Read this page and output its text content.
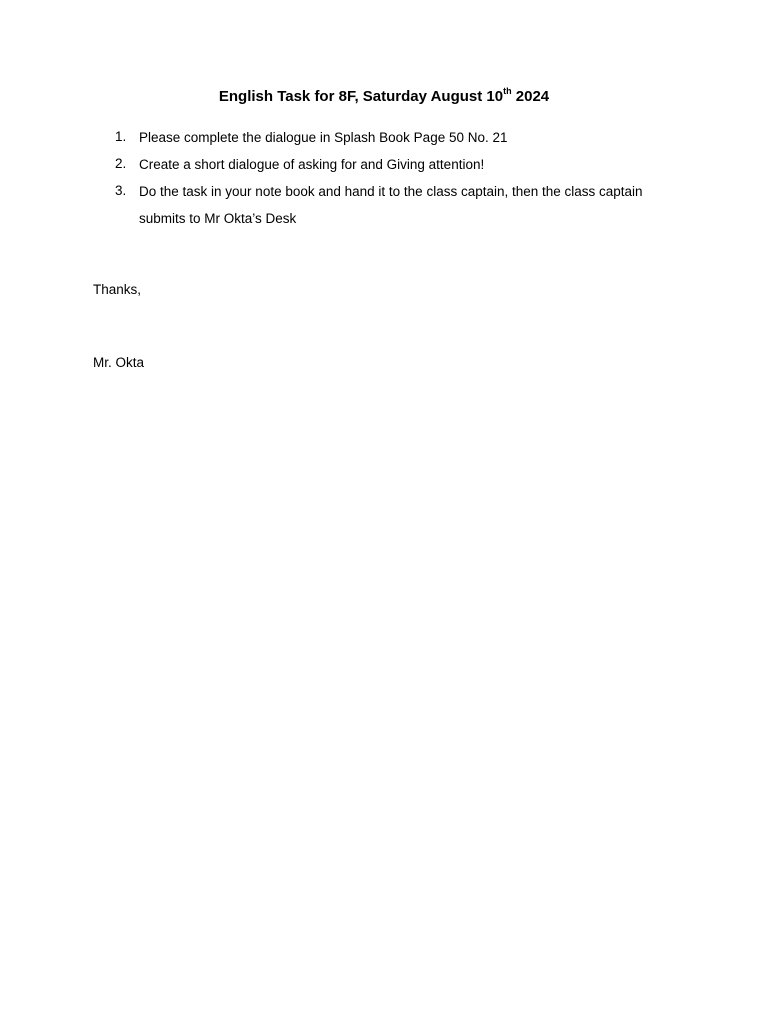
English Task for 8F, Saturday August 10th 2024
1. Please complete the dialogue in Splash Book Page 50 No. 21
2. Create a short dialogue of asking for and Giving attention!
3. Do the task in your note book and hand it to the class captain, then the class captain submits to Mr Okta’s Desk
Thanks,
Mr. Okta
